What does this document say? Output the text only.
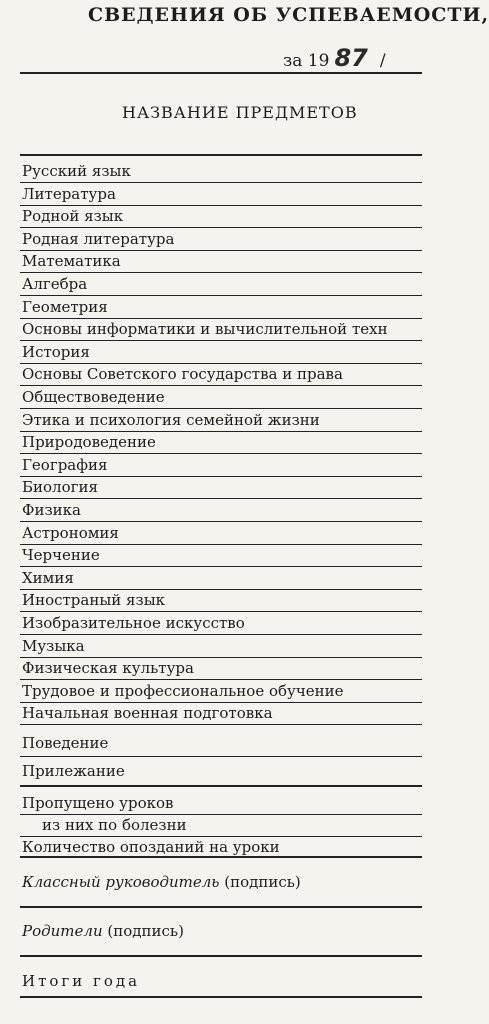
СВЕДЕНИЯ ОБ УСПЕВАЕМОСТИ,
за 19 87 /
НАЗВАНИЕ ПРЕДМЕТОВ
Русский язык
Литература
Родной язык
Родная литература
Математика
Алгебра
Геометрия
Основы информатики и вычислительной техн
История
Основы Советского государства и права
Обществоведение
Этика и психология семейной жизни
Природоведение
География
Биология
Физика
Астрономия
Черчение
Химия
Иностраный язык
Изобразительное искусство
Музыка
Физическая культура
Трудовое и профессиональное обучение
Начальная военная подготовка
Поведение
Прилежание
Пропущено уроков
из них по болезни
Количество опозданий на уроки
Классный руководитель (подпись)
Родители (подпись)
Итоги года
